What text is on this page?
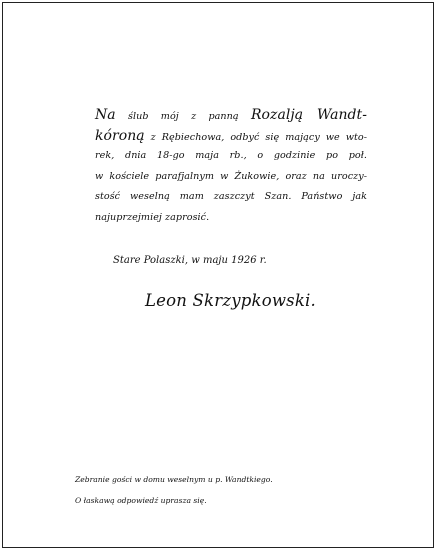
Na ślub mój z panną Rozalją Wandt-
kóroną z Rębiechowa, odbyć się mający we wto-
rek, dnia 18-go maja rb., o godzinie po poł.
w kościele parafjalnym w Żukowie, oraz na uroczy-
stość weselną mam zaszczyt Szan. Państwo jak
najuprzejmiej zaprosić.
Stare Polaszki, w maju 1926 r.
Leon Skrzypkowski.
Zebranie gości w domu weselnym u p. Wandtkiego.
O łaskawą odpowiedź uprasza się.
